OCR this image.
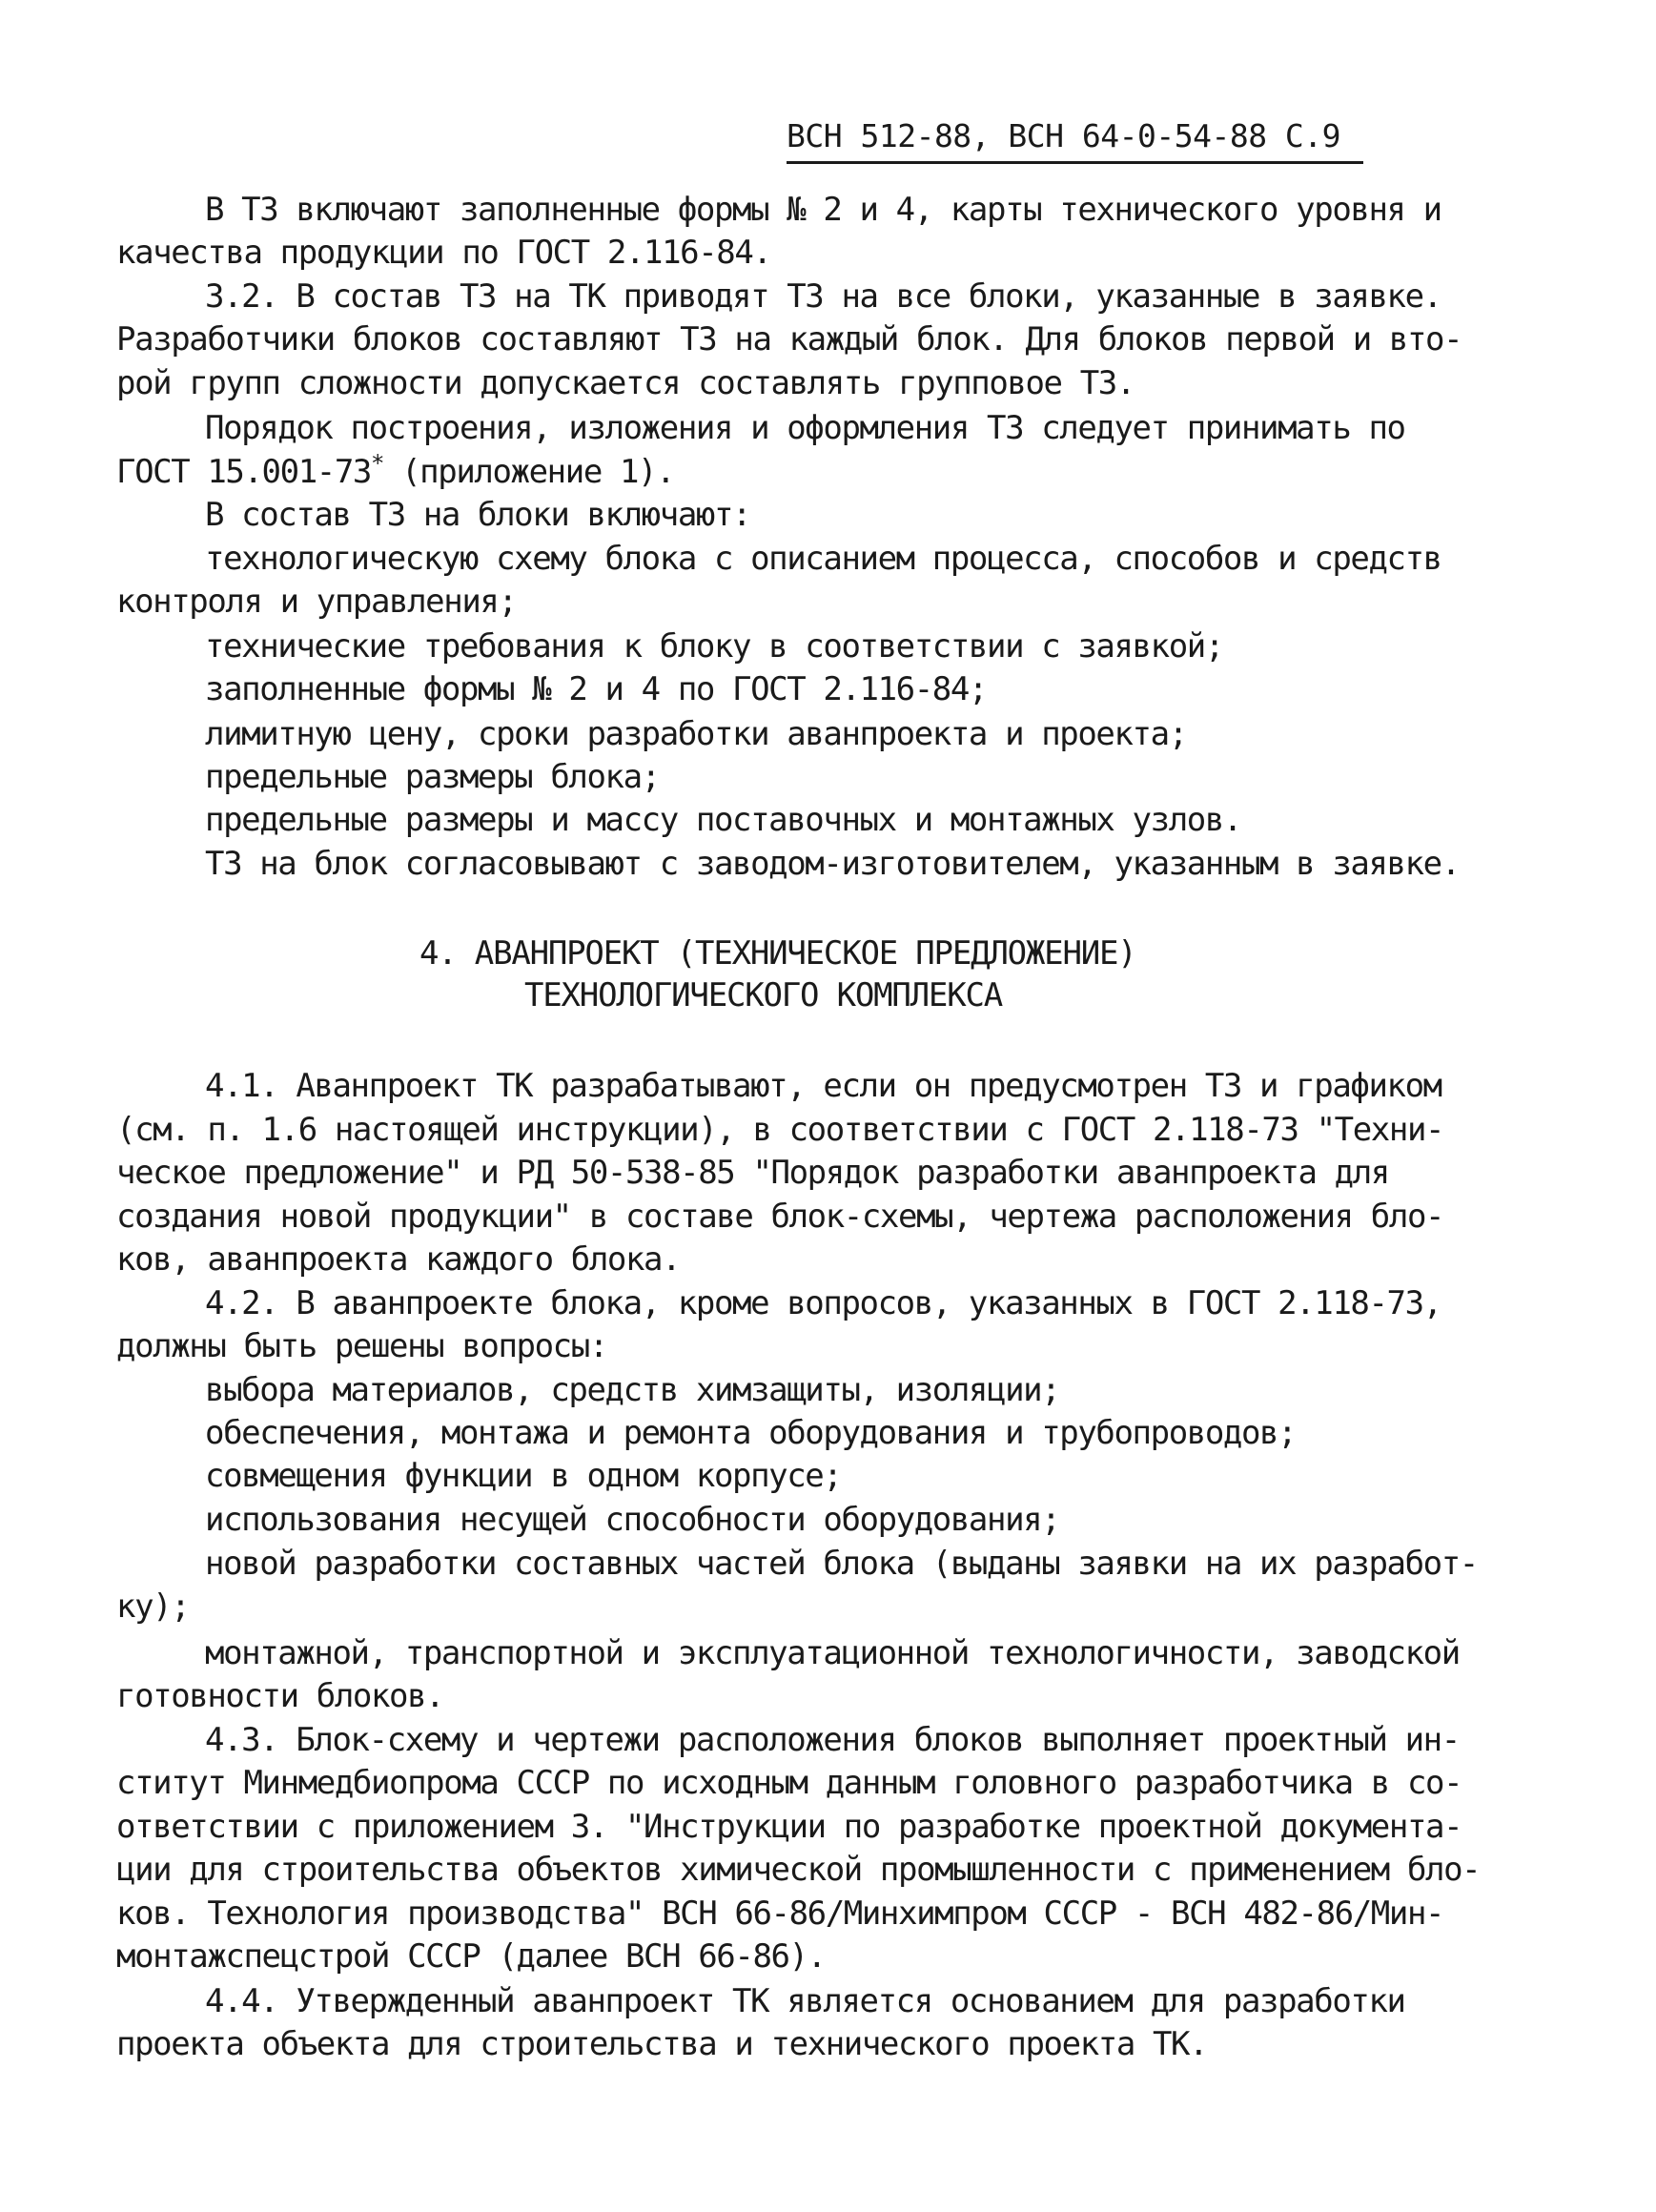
ВСН 512-88, ВСН 64-0-54-88 С.9
В ТЗ включают заполненные формы № 2 и 4, карты технического уровня и
качества продукции по ГОСТ 2.116-84.
3.2. В состав ТЗ на ТК приводят ТЗ на все блоки, указанные в заявке.
Разработчики блоков составляют ТЗ на каждый блок. Для блоков первой и вто-
рой групп сложности допускается составлять групповое ТЗ.
Порядок построения, изложения и оформления ТЗ следует принимать по
ГОСТ 15.001-73* (приложение 1).
В состав ТЗ на блоки включают:
технологическую схему блока с описанием процесса, способов и средств
контроля и управления;
технические требования к блоку в соответствии с заявкой;
заполненные формы № 2 и 4 по ГОСТ 2.116-84;
лимитную цену, сроки разработки аванпроекта и проекта;
предельные размеры блока;
предельные размеры и массу поставочных и монтажных узлов.
ТЗ на блок согласовывают с заводом-изготовителем, указанным в заявке.
4. АВАНПРОЕКТ (ТЕХНИЧЕСКОЕ ПРЕДЛОЖЕНИЕ)
ТЕХНОЛОГИЧЕСКОГО КОМПЛЕКСА
4.1. Аванпроект ТК разрабатывают, если он предусмотрен ТЗ и графиком
(см. п. 1.6 настоящей инструкции), в соответствии с ГОСТ 2.118-73 "Техни-
ческое предложение" и РД 50-538-85 "Порядок разработки аванпроекта для
создания новой продукции" в составе блок-схемы, чертежа расположения бло-
ков, аванпроекта каждого блока.
4.2. В аванпроекте блока, кроме вопросов, указанных в ГОСТ 2.118-73,
должны быть решены вопросы:
выбора материалов, средств химзащиты, изоляции;
обеспечения, монтажа и ремонта оборудования и трубопроводов;
совмещения функции в одном корпусе;
использования несущей способности оборудования;
новой разработки составных частей блока (выданы заявки на их разработ-
ку);
монтажной, транспортной и эксплуатационной технологичности, заводской
готовности блоков.
4.3. Блок-схему и чертежи расположения блоков выполняет проектный ин-
ститут Минмедбиопрома СССР по исходным данным головного разработчика в со-
ответствии с приложением 3. "Инструкции по разработке проектной документа-
ции для строительства объектов химической промышленности с применением бло-
ков. Технология производства" ВСН 66-86/Минхимпром СССР - ВСН 482-86/Мин-
монтажспецстрой СССР (далее ВСН 66-86).
4.4. Утвержденный аванпроект ТК является основанием для разработки
проекта объекта для строительства и технического проекта ТК.
